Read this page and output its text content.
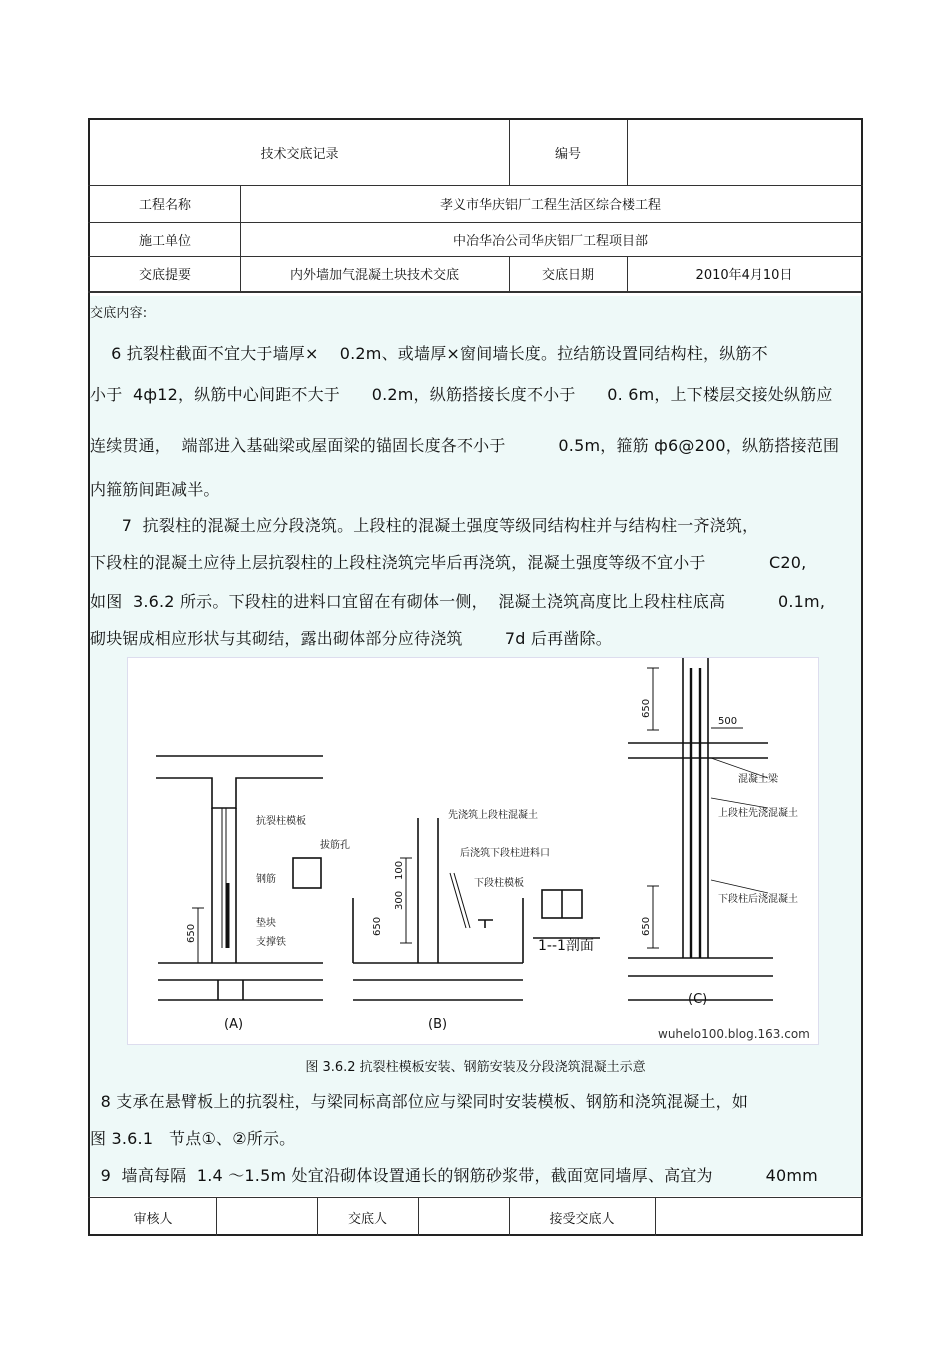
技术交底记录	编号
工程名称	孝义市华庆铝厂工程生活区综合楼工程
施工单位	中冶华冶公司华庆铝厂工程项目部
交底提要	内外墙加气混凝土块技术交底	交底日期	2010年4月10日
交底内容:
6 抗裂柱截面不宜大于墙厚×    0.2m、或墙厚×窗间墙长度。拉结筋设置同结构柱，纵筋不
小于  4ф12，纵筋中心间距不大于      0.2m，纵筋搭接长度不小于      0. 6m，上下楼层交接处纵筋应
连续贯通，  端部进入基础梁或屋面梁的锚固长度各不小于          0.5m，箍筋 ф6@200，纵筋搭接范围
内箍筋间距减半。
7  抗裂柱的混凝土应分段浇筑。上段柱的混凝土强度等级同结构柱并与结构柱一齐浇筑，
下段柱的混凝土应待上层抗裂柱的上段柱浇筑完毕后再浇筑，混凝土强度等级不宜小于            C20,
如图  3.6.2 所示。下段柱的进料口宜留在有砌体一侧，  混凝土浇筑高度比上段柱柱底高          0.1m,
砌块锯成相应形状与其砌结，露出砌体部分应待浇筑        7d 后再凿除。
抗裂柱模板
拔筋孔
钢筋
垫块
支撑铁
650
(A)
先浇筑上段柱混凝土
后浇筑下段柱进料口
下段柱模板
300
100
650
(B)
1--1剖面
500
混凝土梁
上段柱先浇混凝土
下段柱后浇混凝土
650
650
(C)
wuhelo100.blog.163.com
图 3.6.2 抗裂柱模板安装、钢筋安装及分段浇筑混凝土示意
8 支承在悬臂板上的抗裂柱，与梁同标高部位应与梁同时安装模板、钢筋和浇筑混凝土，如
图 3.6.1   节点①、②所示。
9  墙高每隔  1.4 ～1.5m 处宜沿砌体设置通长的钢筋砂浆带，截面宽同墙厚、高宜为          40mm
审核人	交底人	接受交底人
